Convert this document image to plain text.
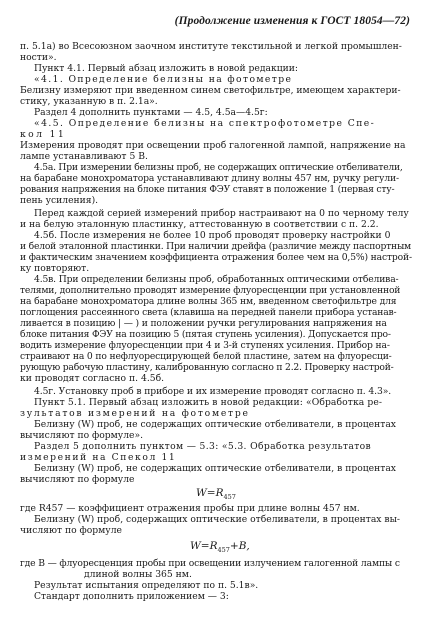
(Продолжение изменения к ГОСТ 18054—72)
п. 5.1а) во Всесоюзном заочном институте текстильной и легкой промышлен-
ности».
Пункт 4.1. Первый абзац изложить в новой редакции:
«4.1. Определение белизны на фотометре
Белизну измеряют при введенном синем светофильтре, имеющем характери-
стику, указанную в п. 2.1а».
Раздел 4 дополнить пунктами — 4.5, 4.5а—4.5г:
«4.5. Определение белизны на спектрофотометре Спе-
кол 11
Измерения проводят при освещении проб галогенной лампой, напряжение на
лампе устанавливают 5 В.
4.5а. При измерении белизны проб, не содержащих оптические отбеливатели,
на барабане монохроматора устанавливают длину волны 457 нм, ручку регули-
рования напряжения на блоке питания ФЭУ ставят в положение 1 (первая сту-
пень усиления).
Перед каждой серией измерений прибор настраивают на 0 по черному телу
и на белую эталонную пластинку, аттестованную в соответствии с п. 2.2.
4.5б. После измерения не более 10 проб проводят проверку настройки 0
и белой эталонной пластинки. При наличии дрейфа (различие между паспортным
и фактическим значением коэффициента отражения более чем на 0,5%) настрой-
ку повторяют.
4.5в. При определении белизны проб, обработанных оптическими отбелива-
телями, дополнительно проводят измерение флуоресценции при установленной
на барабане монохроматора длине волны 365 нм, введенном светофильтре для
поглощения рассеянного света (клавиша на передней панели прибора устанав-
ливается в позицию | — ) и положении ручки регулирования напряжения на
блоке питания ФЭУ на позицию 5 (пятая ступень усиления). Допускается про-
водить измерение флуоресценции при 4 и 3-й ступенях усиления. Прибор на-
страивают на 0 по нефлуоресцирующей белой пластине, затем на флуоресци-
рующую рабочую пластину, калиброванную согласно п 2.2. Проверку настрой-
ки проводят согласно п. 4.5б.
4.5г. Установку проб в приборе и их измерение проводят согласно п. 4.3».
Пункт 5.1. Первый абзац изложить в новой редакции: «Обработка ре-
зультатов измерений на фотометре
Белизну (W) проб, не содержащих оптические отбеливатели, в процентах
вычисляют по формуле».
Раздел 5 дополнить пунктом — 5.3: «5.3. Обработка результатов
измерений на Спекол 11
Белизну (W) проб, не содержащих оптические отбеливатели, в процентах
вычисляют по формуле
$W=R_{457}$
где R457 — коэффициент отражения пробы при длине волны 457 нм.
Белизну (W) проб, содержащих оптические отбеливатели, в процентах вы-
числяют по формуле
$W=R_{457}+B$,
где B — флуоресценция пробы при освещении излучением галогенной лампы с
длиной волны 365 нм.
Результат испытания определяют по п. 5.1в».
Стандарт дополнить приложением — 3:
